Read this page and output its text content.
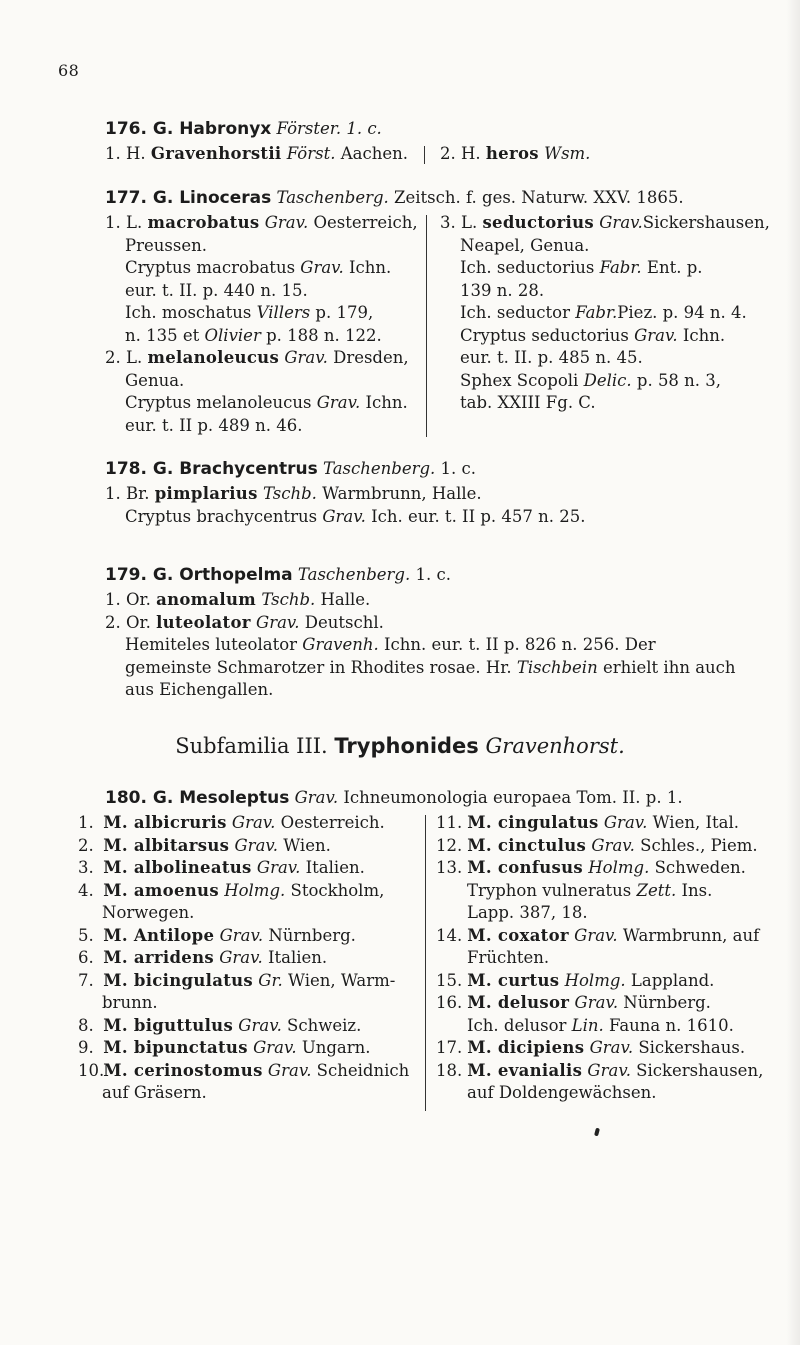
68
176. G. Habronyx Förster. 1. c.
1. H. Gravenhorstii Först. Aachen. 2. H. heros Wsm.
177. G. Linoceras Taschenberg. Zeitsch. f. ges. Naturw. XXV. 1865.
1. L. macrobatus Grav. Oesterreich,
Preussen.
Cryptus macrobatus Grav. Ichn.
eur. t. II. p. 440 n. 15.
Ich. moschatus Villers p. 179,
n. 135 et Olivier p. 188 n. 122.
2. L. melanoleucus Grav. Dresden,
Genua.
Cryptus melanoleucus Grav. Ichn.
eur. t. II p. 489 n. 46.
3. L. seductorius Grav.Sickershausen,
Neapel, Genua.
Ich. seductorius Fabr. Ent. p.
139 n. 28.
Ich. seductor Fabr.Piez. p. 94 n. 4.
Cryptus seductorius Grav. Ichn.
eur. t. II. p. 485 n. 45.
Sphex Scopoli Delic. p. 58 n. 3,
tab. XXIII Fg. C.
178. G. Brachycentrus Taschenberg. 1. c.
1. Br. pimplarius Tschb. Warmbrunn, Halle.
Cryptus brachycentrus Grav. Ich. eur. t. II p. 457 n. 25.
179. G. Orthopelma Taschenberg. 1. c.
1. Or. anomalum Tschb. Halle.
2. Or. luteolator Grav. Deutschl.
Hemiteles luteolator Gravenh. Ichn. eur. t. II p. 826 n. 256. Der
gemeinste Schmarotzer in Rhodites rosae. Hr. Tischbein erhielt ihn auch
aus Eichengallen.
Subfamilia III. Tryphonides Gravenhorst.
180. G. Mesoleptus Grav. Ichneumonologia europaea Tom. II. p. 1.
1. M. albicruris Grav. Oesterreich.
2. M. albitarsus Grav. Wien.
3. M. albolineatus Grav. Italien.
4. M. amoenus Holmg. Stockholm,
Norwegen.
5. M. Antilope Grav. Nürnberg.
6. M. arridens Grav. Italien.
7. M. bicingulatus Gr. Wien, Warm-
brunn.
8. M. biguttulus Grav. Schweiz.
9. M. bipunctatus Grav. Ungarn.
10. M. cerinostomus Grav. Scheidnich
auf Gräsern.
11. M. cingulatus Grav. Wien, Ital.
12. M. cinctulus Grav. Schles., Piem.
13. M. confusus Holmg. Schweden.
Tryphon vulneratus Zett. Ins.
Lapp. 387, 18.
14. M. coxator Grav. Warmbrunn, auf
Früchten.
15. M. curtus Holmg. Lappland.
16. M. delusor Grav. Nürnberg.
Ich. delusor Lin. Fauna n. 1610.
17. M. dicipiens Grav. Sickershaus.
18. M. evanialis Grav. Sickershausen,
auf Doldengewächsen.
